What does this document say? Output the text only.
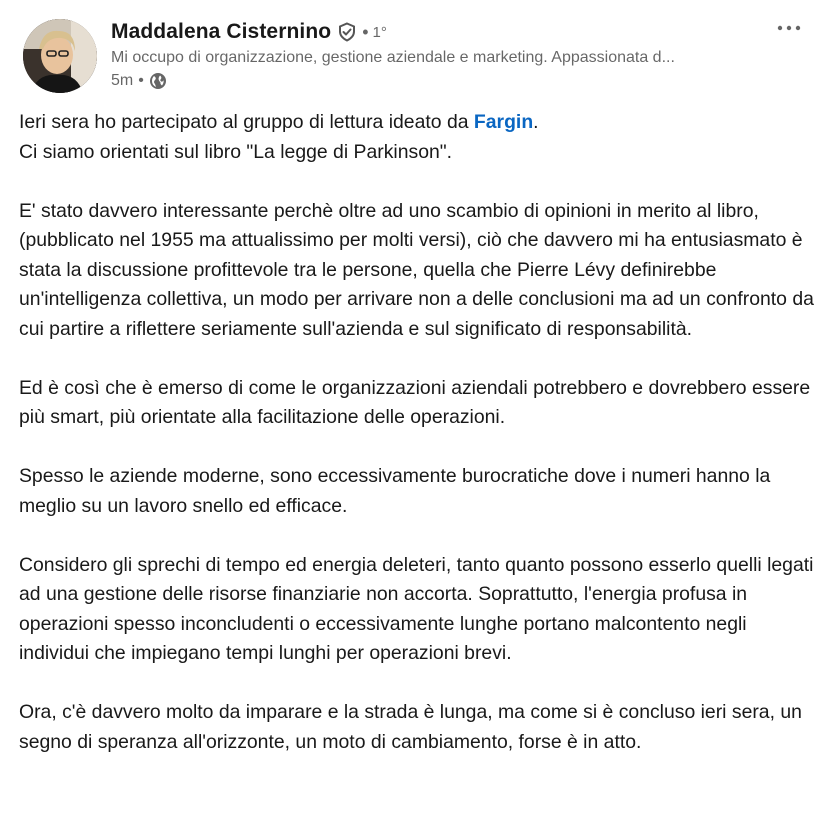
Maddalena Cisternino • 1°
Mi occupo di organizzazione, gestione aziendale e marketing. Appassionata d...
5m •

Ieri sera ho partecipato al gruppo di lettura ideato da Fargin.
Ci siamo orientati sul libro "La legge di Parkinson".

E' stato davvero interessante perchè oltre ad uno scambio di opinioni in merito al libro, (pubblicato nel 1955 ma attualissimo per molti versi), ciò che davvero mi ha entusiasmato è stata la discussione profittevole tra le persone, quella che Pierre Lévy definirebbe un'intelligenza collettiva, un modo per arrivare non a delle conclusioni ma ad un confronto da cui partire a riflettere seriamente sull'azienda e sul significato di responsabilità.

Ed è così che è emerso di come le organizzazioni aziendali potrebbero e dovrebbero essere più smart, più orientate alla facilitazione delle operazioni.

Spesso le aziende moderne, sono eccessivamente burocratiche dove i numeri hanno la meglio su un lavoro snello ed efficace.

Considero gli sprechi di tempo ed energia deleteri, tanto quanto possono esserlo quelli legati ad una gestione delle risorse finanziarie non accorta. Soprattutto, l'energia profusa in operazioni spesso inconcludenti o eccessivamente lunghe portano malcontento negli individui che impiegano tempi lunghi per operazioni brevi.

Ora, c'è davvero molto da imparare e la strada è lunga, ma come si è concluso ieri sera, un segno di speranza all'orizzonte, un moto di cambiamento, forse è in atto.
